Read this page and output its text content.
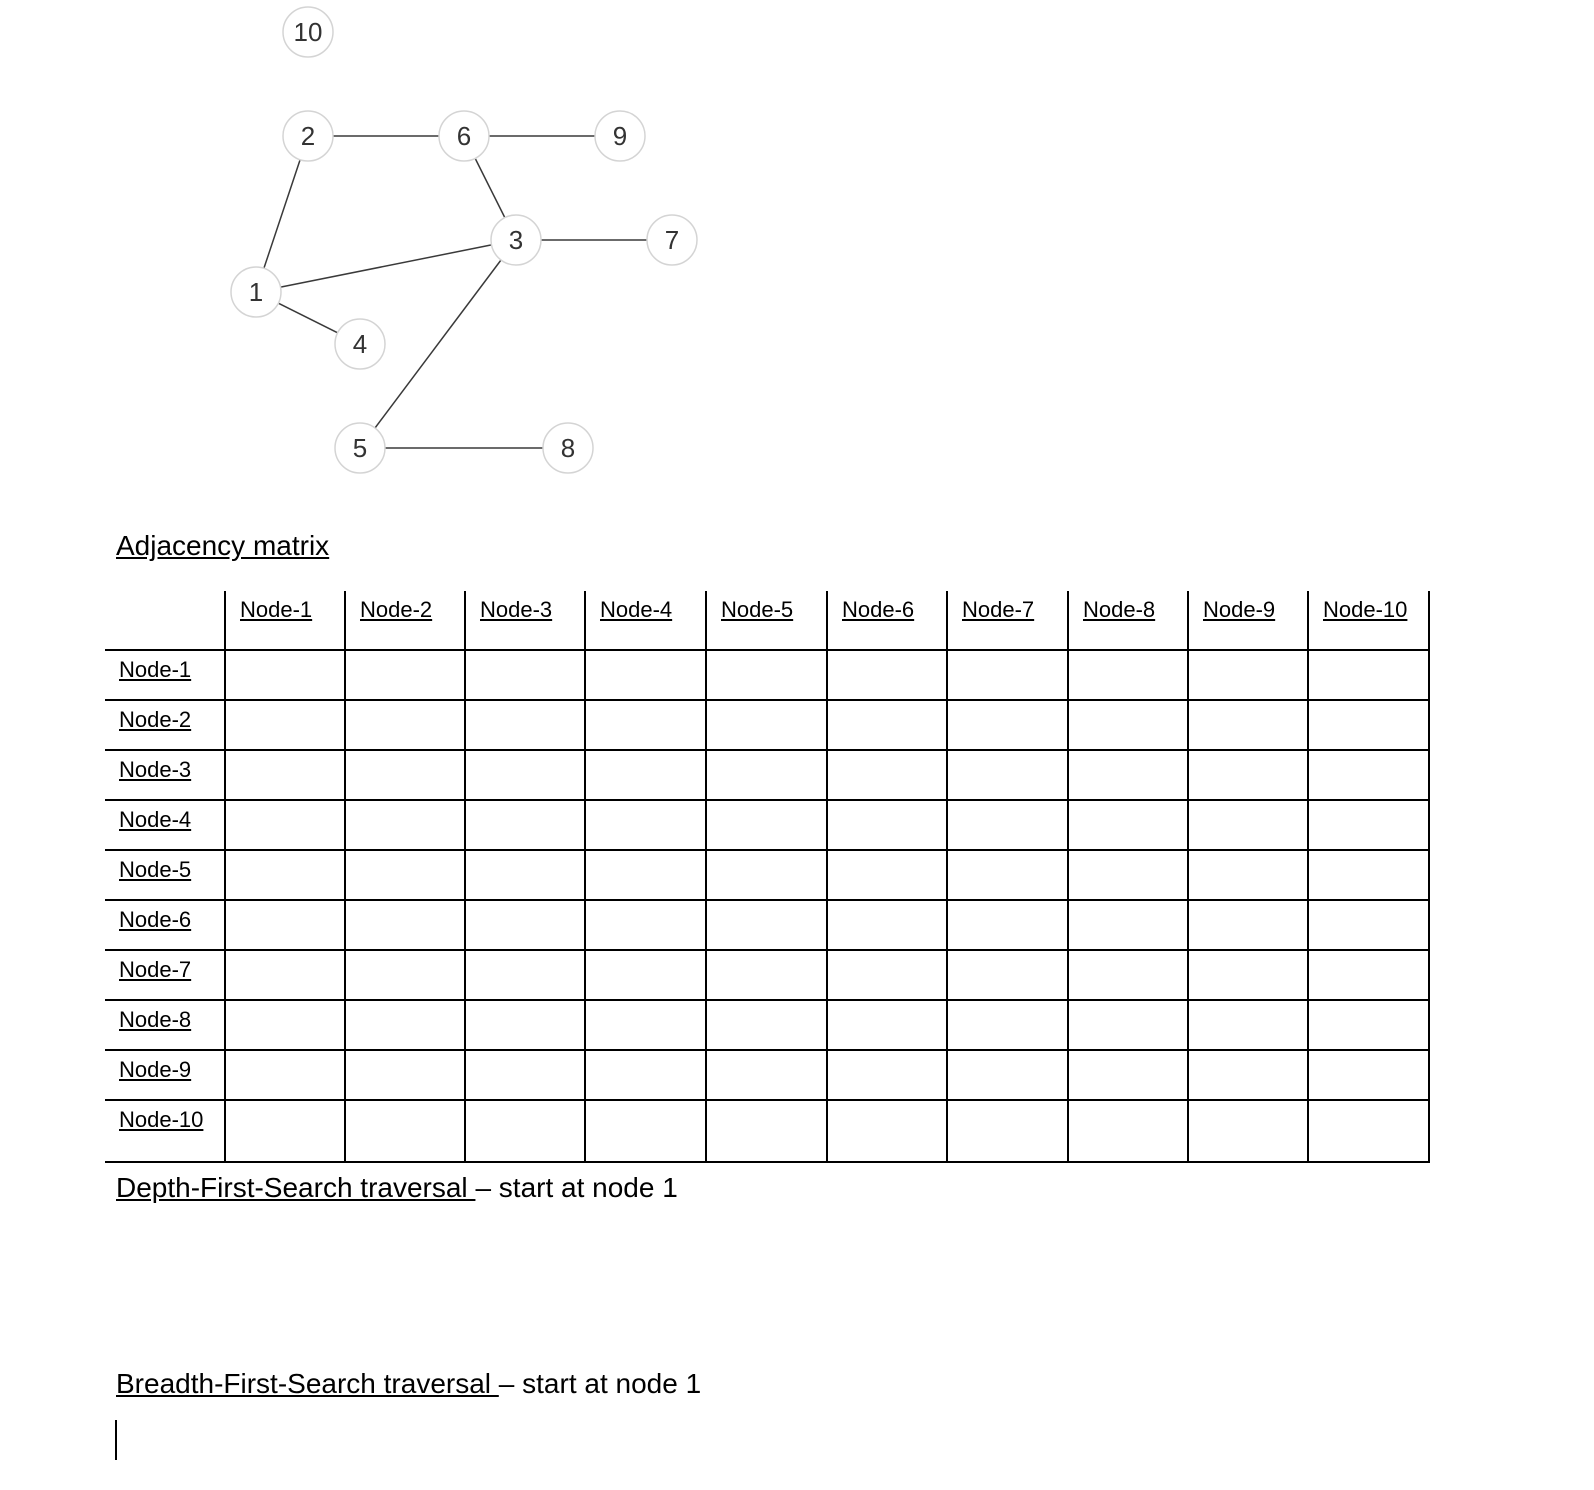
10
2	6	9
3	7
1
4
5	8
Adjacency matrix

	Node-1	Node-2	Node-3	Node-4	Node-5	Node-6	Node-7	Node-8	Node-9	Node-10

Node-1										

Node-2										

Node-3										

Node-4										

Node-5										

Node-6										

Node-7										

Node-8										

Node-9										

Node-10										

Depth-First-Search traversal – start at node 1
Breadth-First-Search traversal – start at node 1
